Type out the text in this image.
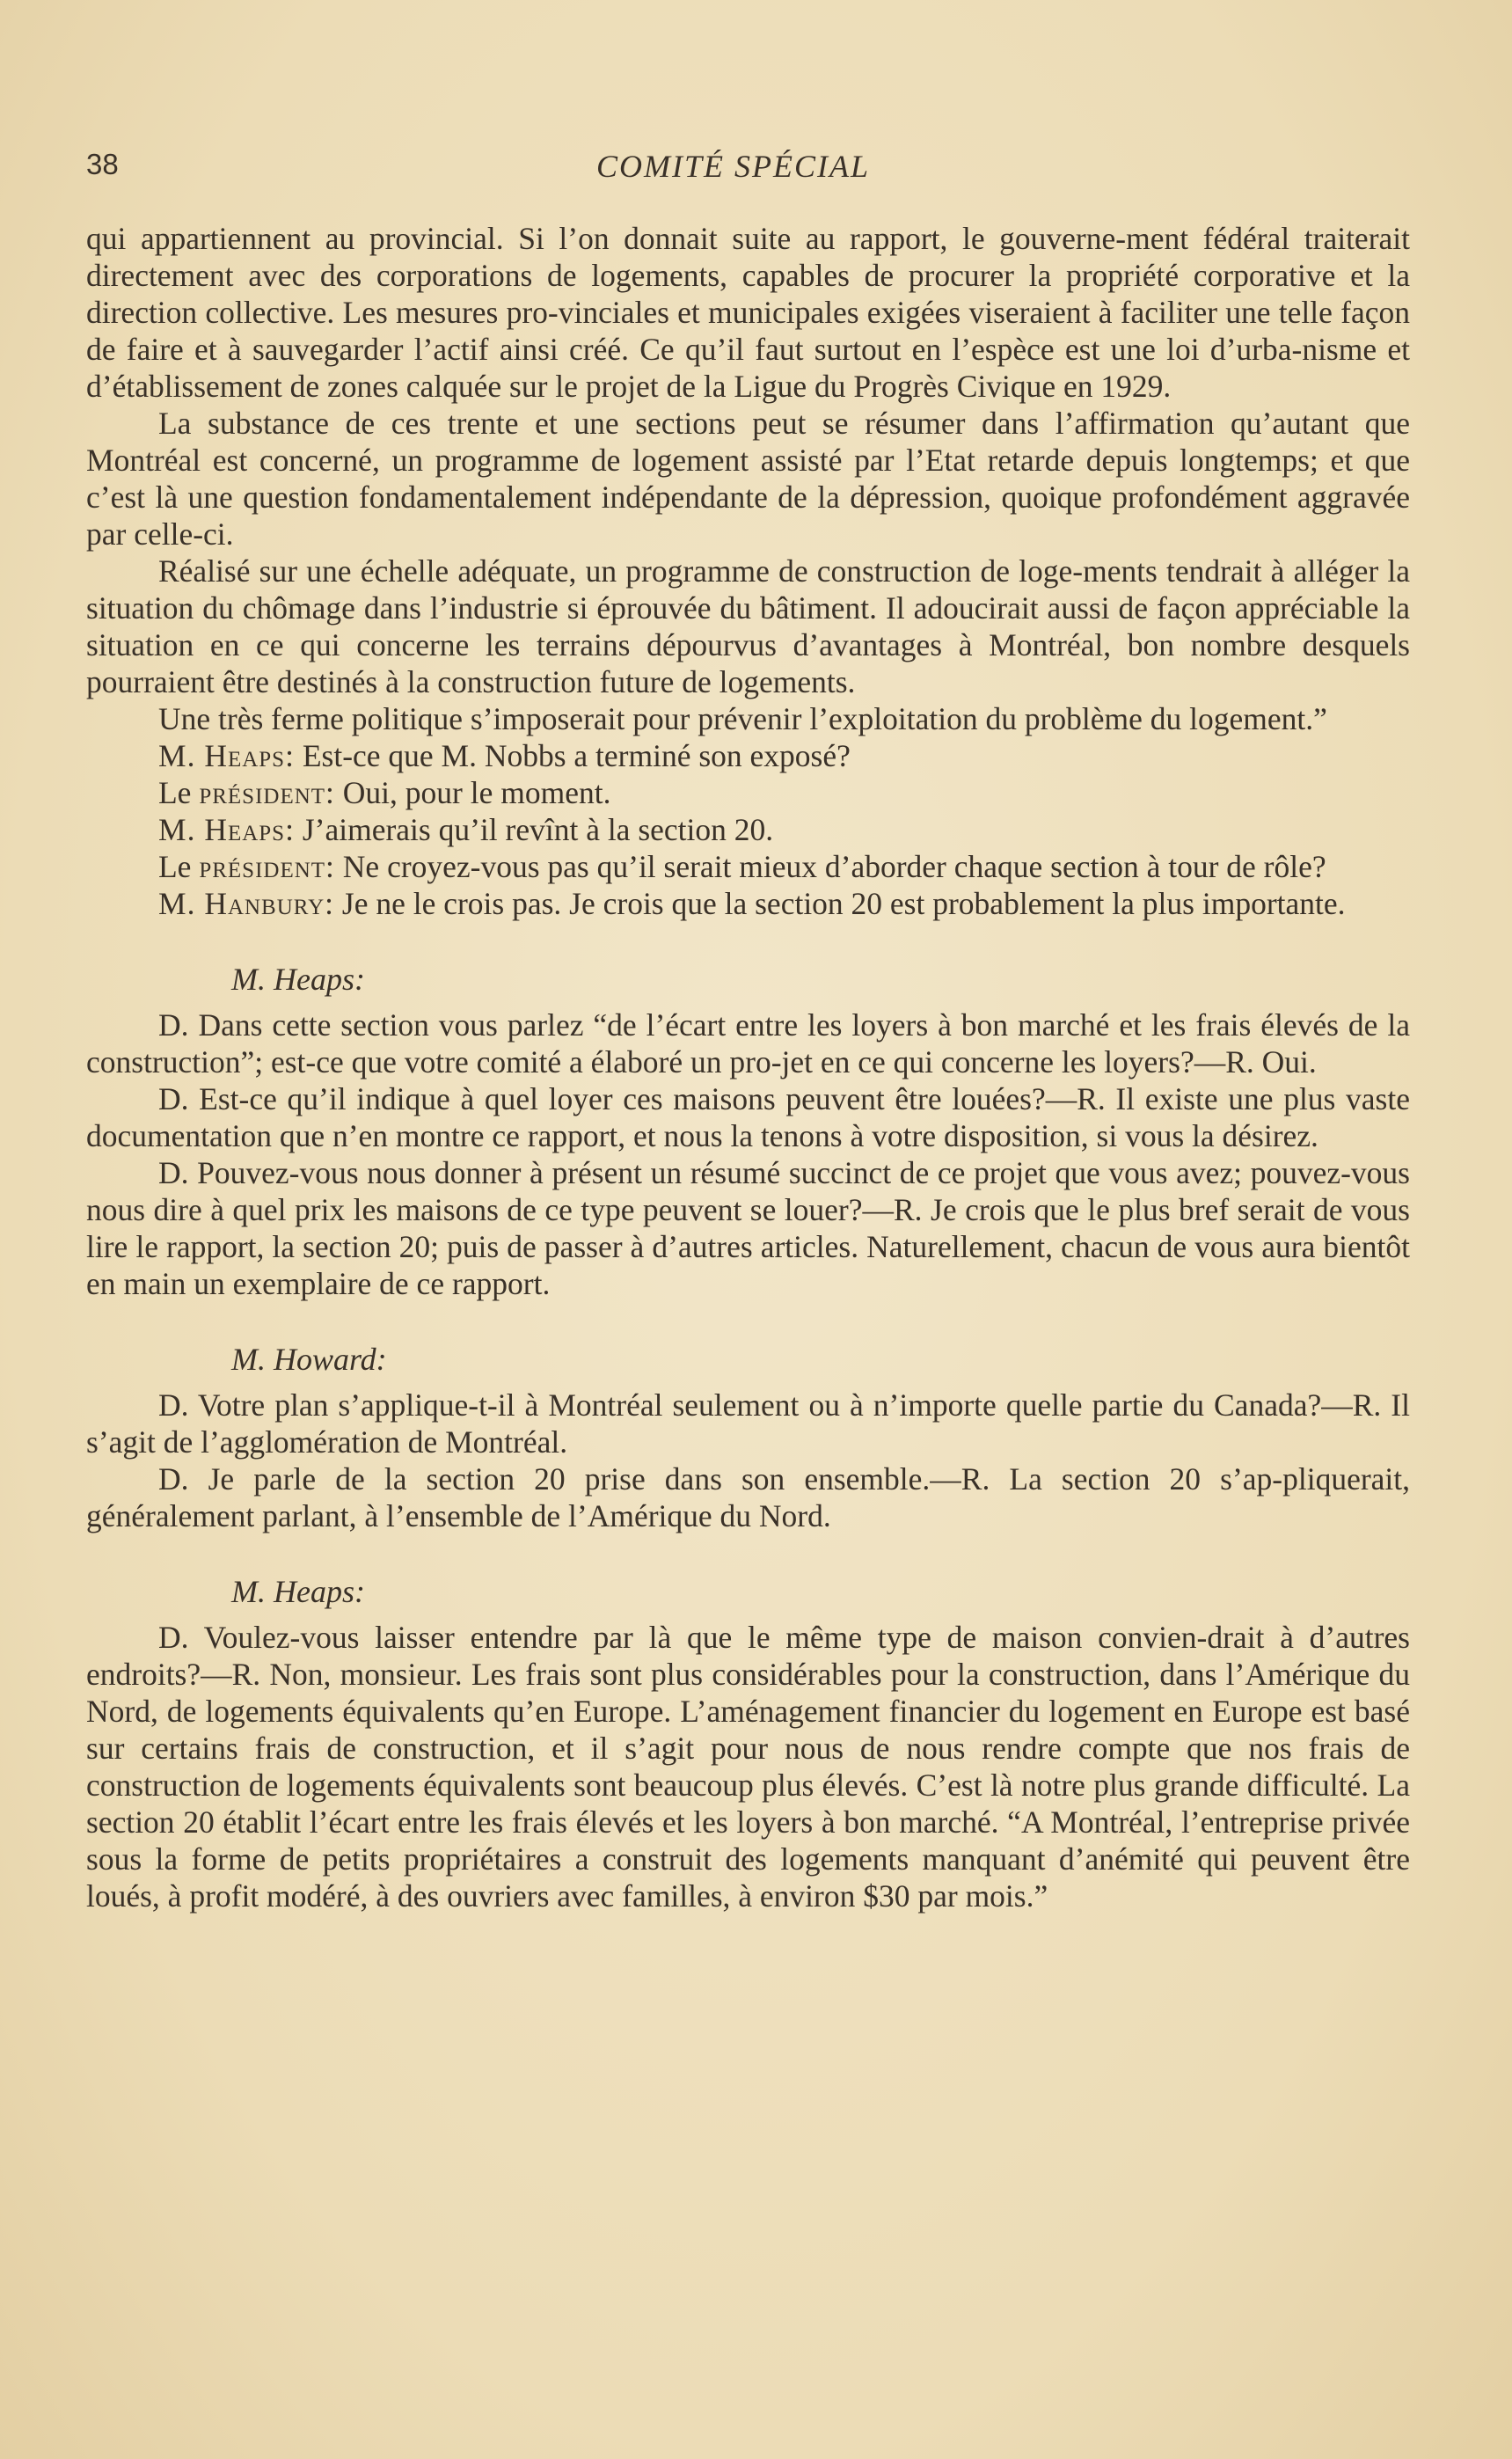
38	COMITÉ SPÉCIAL

qui appartiennent au provincial. Si l’on donnait suite au rapport, le gouverne-ment fédéral traiterait directement avec des corporations de logements, capables de procurer la propriété corporative et la direction collective. Les mesures pro-vinciales et municipales exigées viseraient à faciliter une telle façon de faire et à sauvegarder l’actif ainsi créé. Ce qu’il faut surtout en l’espèce est une loi d’urba-nisme et d’établissement de zones calquée sur le projet de la Ligue du Progrès Civique en 1929.

La substance de ces trente et une sections peut se résumer dans l’affirmation qu’autant que Montréal est concerné, un programme de logement assisté par l’Etat retarde depuis longtemps; et que c’est là une question fondamentalement indépendante de la dépression, quoique profondément aggravée par celle-ci.

Réalisé sur une échelle adéquate, un programme de construction de loge-ments tendrait à alléger la situation du chômage dans l’industrie si éprouvée du bâtiment. Il adoucirait aussi de façon appréciable la situation en ce qui concerne les terrains dépourvus d’avantages à Montréal, bon nombre desquels pourraient être destinés à la construction future de logements.

Une très ferme politique s’imposerait pour prévenir l’exploitation du problème du logement.”

M. Heaps: Est-ce que M. Nobbs a terminé son exposé?

Le président: Oui, pour le moment.

M. Heaps: J’aimerais qu’il revînt à la section 20.

Le président: Ne croyez-vous pas qu’il serait mieux d’aborder chaque section à tour de rôle?

M. Hanbury: Je ne le crois pas. Je crois que la section 20 est probablement la plus importante.

M. Heaps:

D. Dans cette section vous parlez “de l’écart entre les loyers à bon marché et les frais élevés de la construction”; est-ce que votre comité a élaboré un pro-jet en ce qui concerne les loyers?—R. Oui.

D. Est-ce qu’il indique à quel loyer ces maisons peuvent être louées?—R. Il existe une plus vaste documentation que n’en montre ce rapport, et nous la tenons à votre disposition, si vous la désirez.

D. Pouvez-vous nous donner à présent un résumé succinct de ce projet que vous avez; pouvez-vous nous dire à quel prix les maisons de ce type peuvent se louer?—R. Je crois que le plus bref serait de vous lire le rapport, la section 20; puis de passer à d’autres articles. Naturellement, chacun de vous aura bientôt en main un exemplaire de ce rapport.

M. Howard:

D. Votre plan s’applique-t-il à Montréal seulement ou à n’importe quelle partie du Canada?—R. Il s’agit de l’agglomération de Montréal.

D. Je parle de la section 20 prise dans son ensemble.—R. La section 20 s’ap-pliquerait, généralement parlant, à l’ensemble de l’Amérique du Nord.

M. Heaps:

D. Voulez-vous laisser entendre par là que le même type de maison convien-drait à d’autres endroits?—R. Non, monsieur. Les frais sont plus considérables pour la construction, dans l’Amérique du Nord, de logements équivalents qu’en Europe. L’aménagement financier du logement en Europe est basé sur certains frais de construction, et il s’agit pour nous de nous rendre compte que nos frais de construction de logements équivalents sont beaucoup plus élevés. C’est là notre plus grande difficulté. La section 20 établit l’écart entre les frais élevés et les loyers à bon marché. “A Montréal, l’entreprise privée sous la forme de petits propriétaires a construit des logements manquant d’anémité qui peuvent être loués, à profit modéré, à des ouvriers avec familles, à environ $30 par mois.”
